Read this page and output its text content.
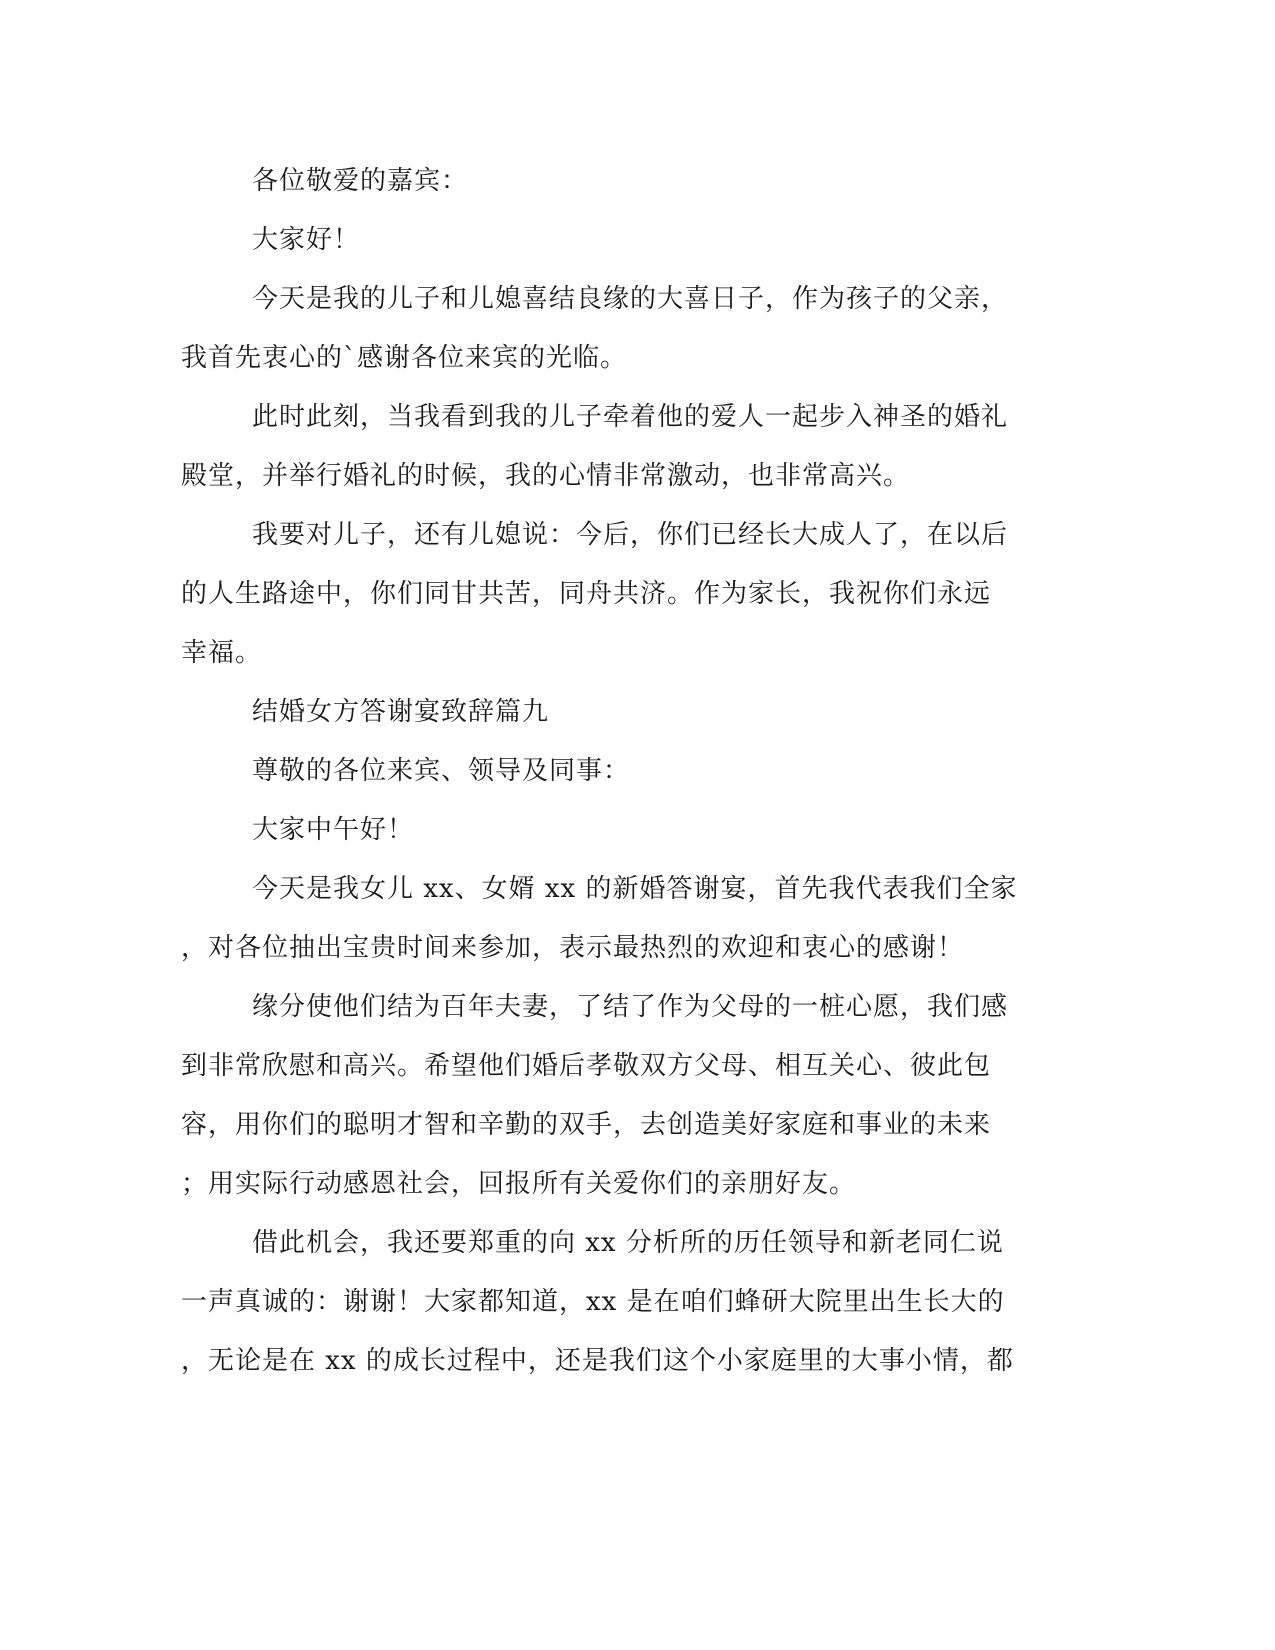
各位敬爱的嘉宾：
大家好！
今天是我的儿子和儿媳喜结良缘的大喜日子，作为孩子的父亲，
我首先衷心的`感谢各位来宾的光临。
此时此刻，当我看到我的儿子牵着他的爱人一起步入神圣的婚礼
殿堂，并举行婚礼的时候，我的心情非常激动，也非常高兴。
我要对儿子，还有儿媳说：今后，你们已经长大成人了，在以后
的人生路途中，你们同甘共苦，同舟共济。作为家长，我祝你们永远
幸福。
结婚女方答谢宴致辞篇九
尊敬的各位来宾、领导及同事：
大家中午好！
今天是我女儿 xx、女婿 xx 的新婚答谢宴，首先我代表我们全家
，对各位抽出宝贵时间来参加，表示最热烈的欢迎和衷心的感谢！
缘分使他们结为百年夫妻，了结了作为父母的一桩心愿，我们感
到非常欣慰和高兴。希望他们婚后孝敬双方父母、相互关心、彼此包
容，用你们的聪明才智和辛勤的双手，去创造美好家庭和事业的未来
；用实际行动感恩社会，回报所有关爱你们的亲朋好友。
借此机会，我还要郑重的向 xx 分析所的历任领导和新老同仁说
一声真诚的：谢谢！大家都知道，xx 是在咱们蜂研大院里出生长大的
，无论是在 xx 的成长过程中，还是我们这个小家庭里的大事小情，都
